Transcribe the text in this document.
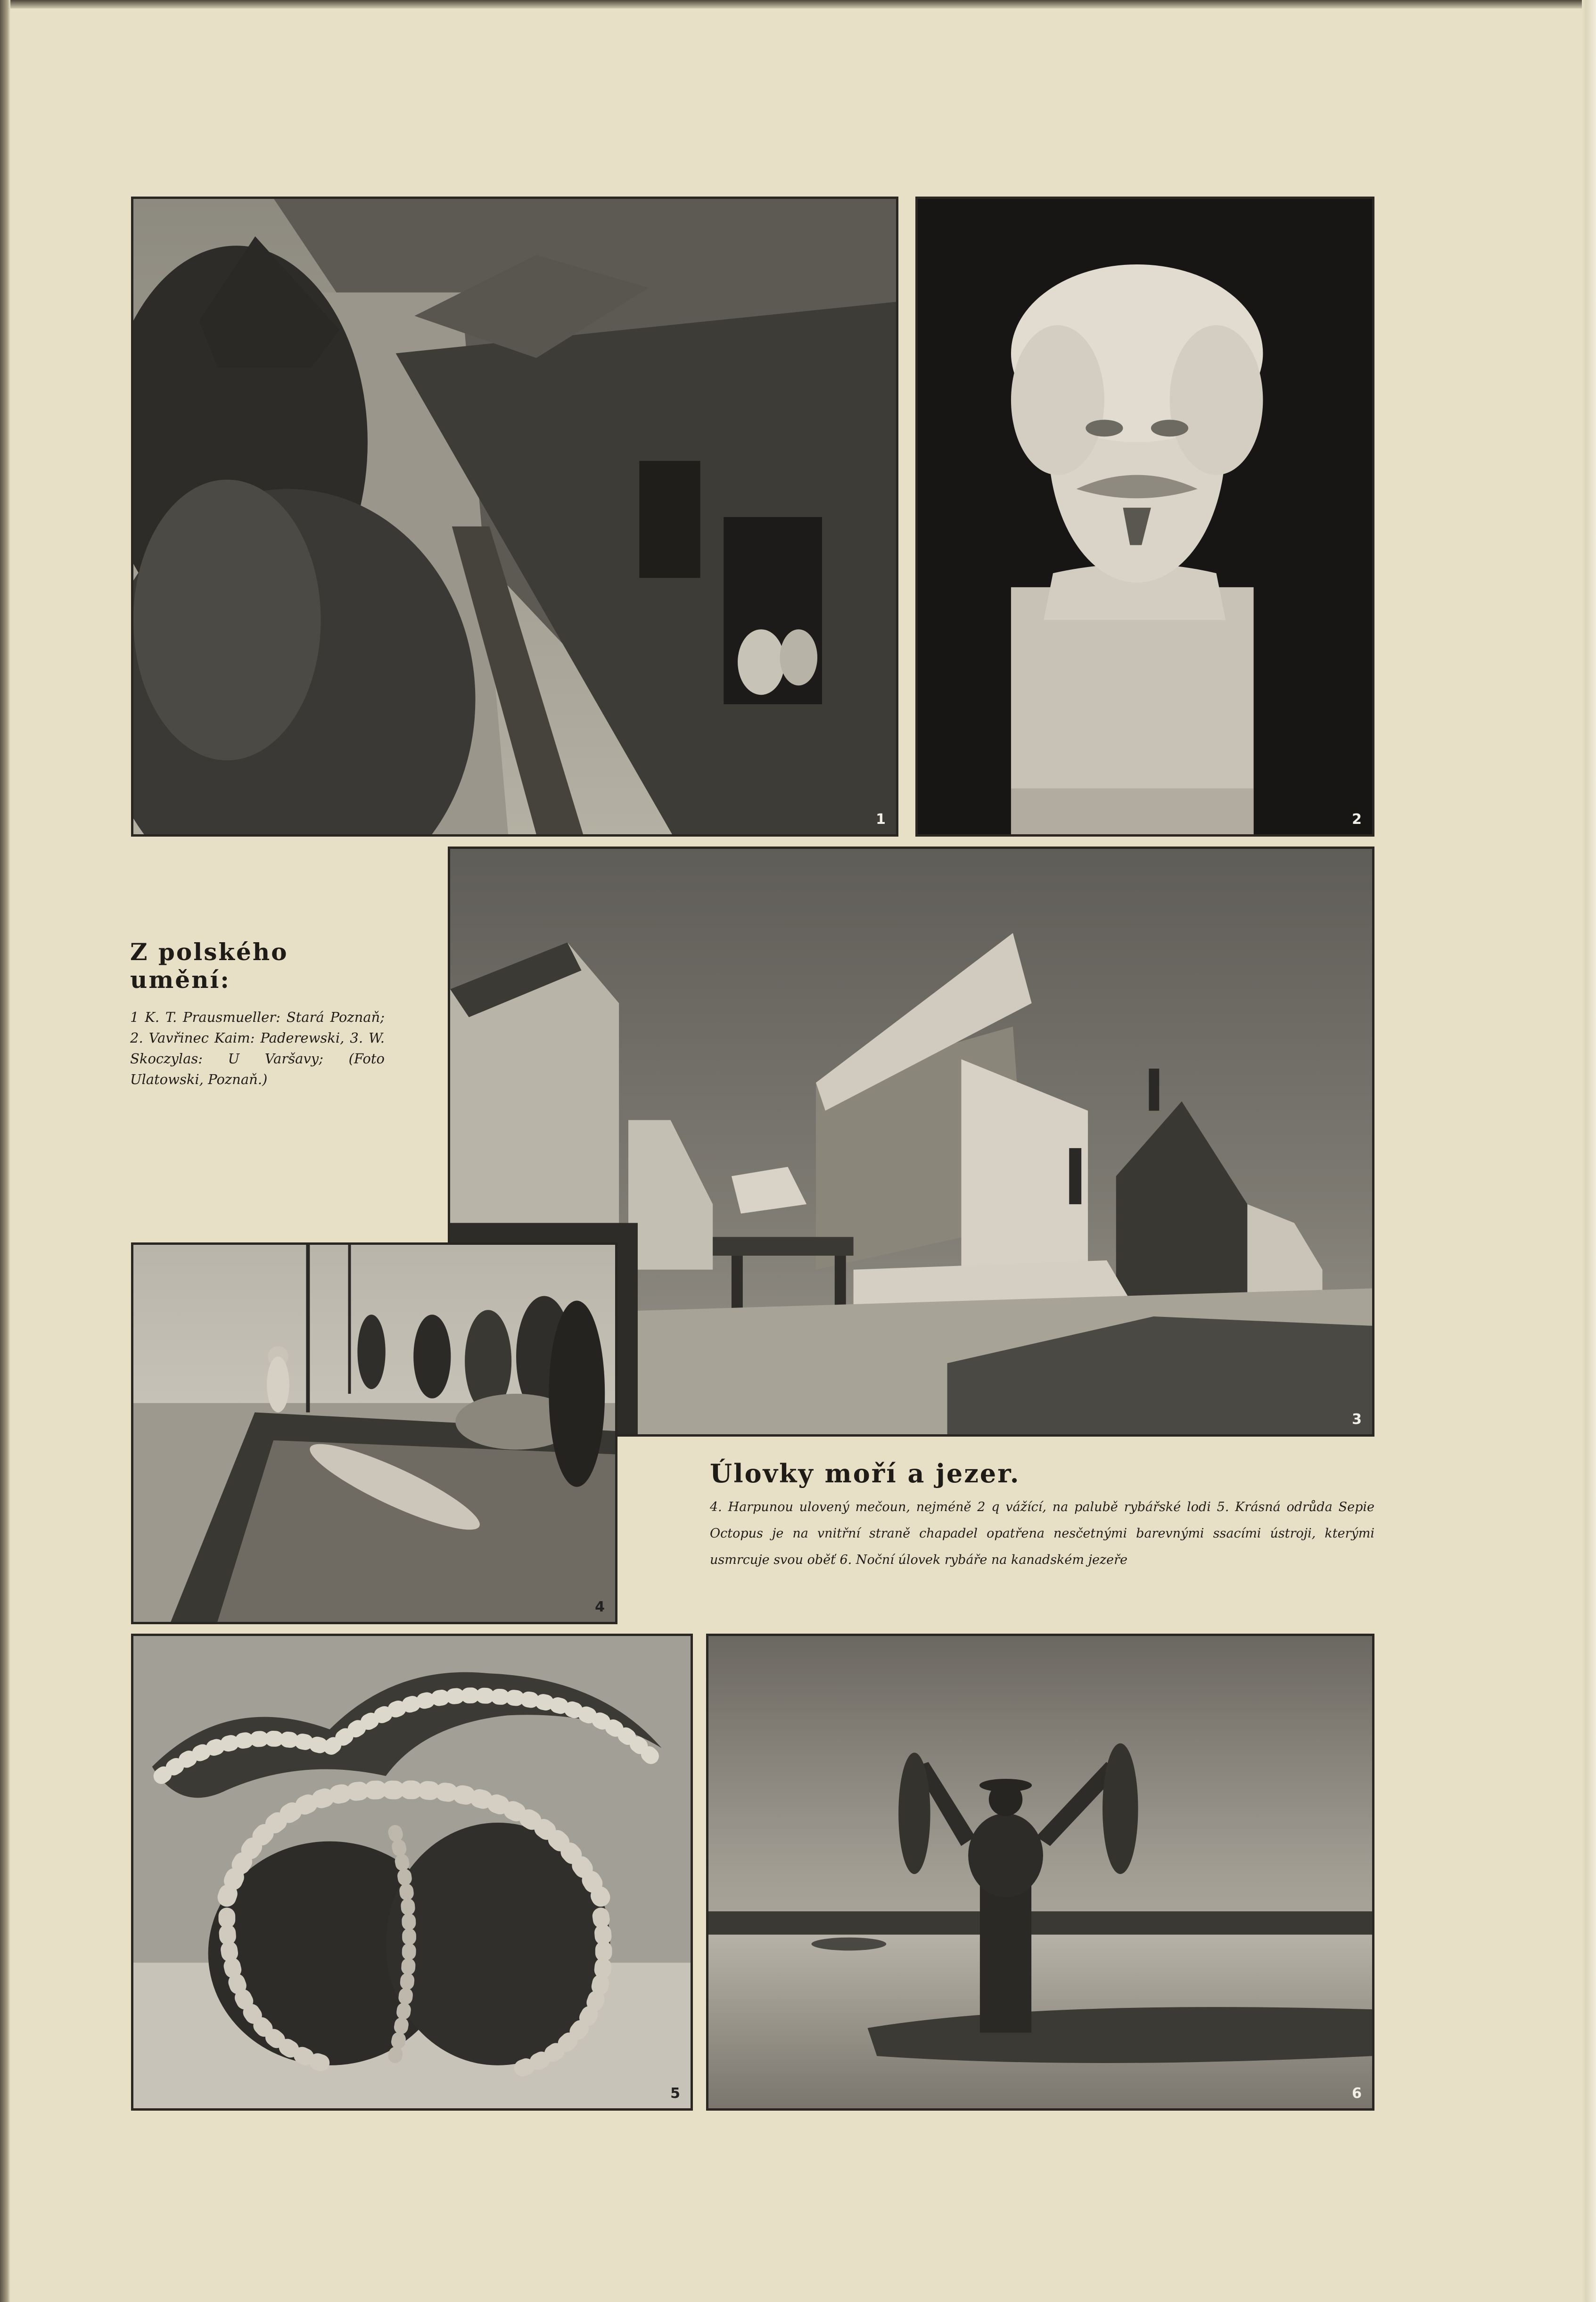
1	2
3
4
5	6
Z polského umění:

1 K. T. Prausmueller: Stará Poznaň; 2. Vavřinec Kaim: Paderewski, 3. W. Skoczylas: U Varšavy; (Foto Ulatowski, Poznaň.)

Úlovky moří a jezer.

4. Harpunou ulovený mečoun, nejméně 2 q vážící, na palubě rybářské lodi 5. Krásná odrůda Sepie Octopus je na vnitřní straně chapadel opatřena nesčetnými barevnými ssacími ústroji, kterými usmrcuje svou oběť 6. Noční úlovek rybáře na kanadském jezeře
